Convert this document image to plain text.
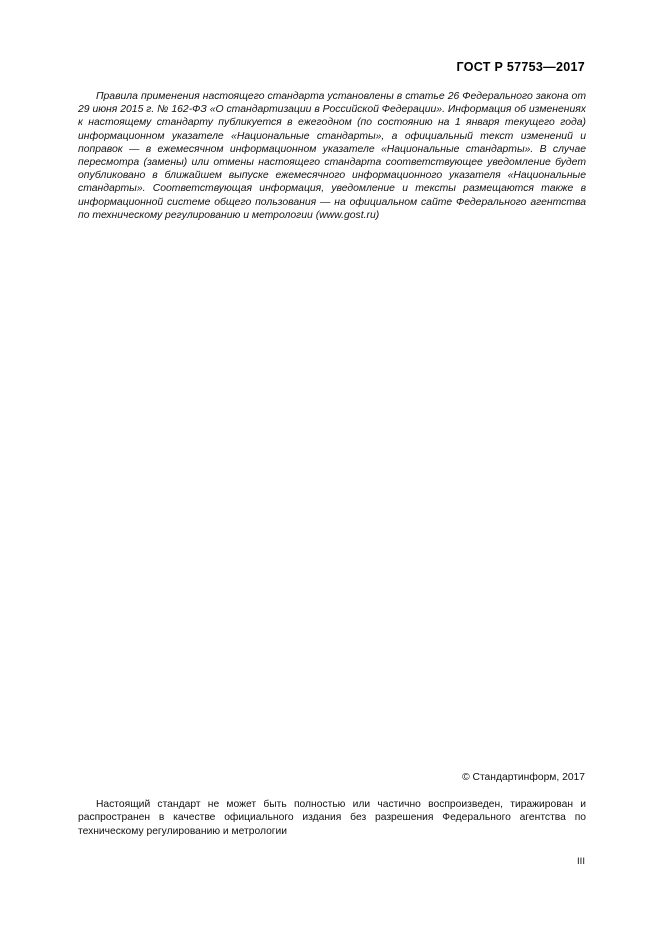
ГОСТ Р 57753—2017

Правила применения настоящего стандарта установлены в статье 26 Федерального закона от 29 июня 2015 г. № 162-ФЗ «О стандартизации в Российской Федерации». Информация об изменениях к настоящему стандарту публикуется в ежегодном (по состоянию на 1 января текущего года) информационном указателе «Национальные стандарты», а официальный текст изменений и поправок — в ежемесячном информационном указателе «Национальные стандарты». В случае пересмотра (замены) или отмены настоящего стандарта соответствующее уведомление будет опубликовано в ближайшем выпуске ежемесячного информационного указателя «Национальные стандарты». Соответствующая информация, уведомление и тексты размещаются также в информационной системе общего пользования — на официальном сайте Федерального агентства по техническому регулированию и метрологии (www.gost.ru)

© Стандартинформ, 2017

Настоящий стандарт не может быть полностью или частично воспроизведен, тиражирован и распространен в качестве официального издания без разрешения Федерального агентства по техническому регулированию и метрологии

III
